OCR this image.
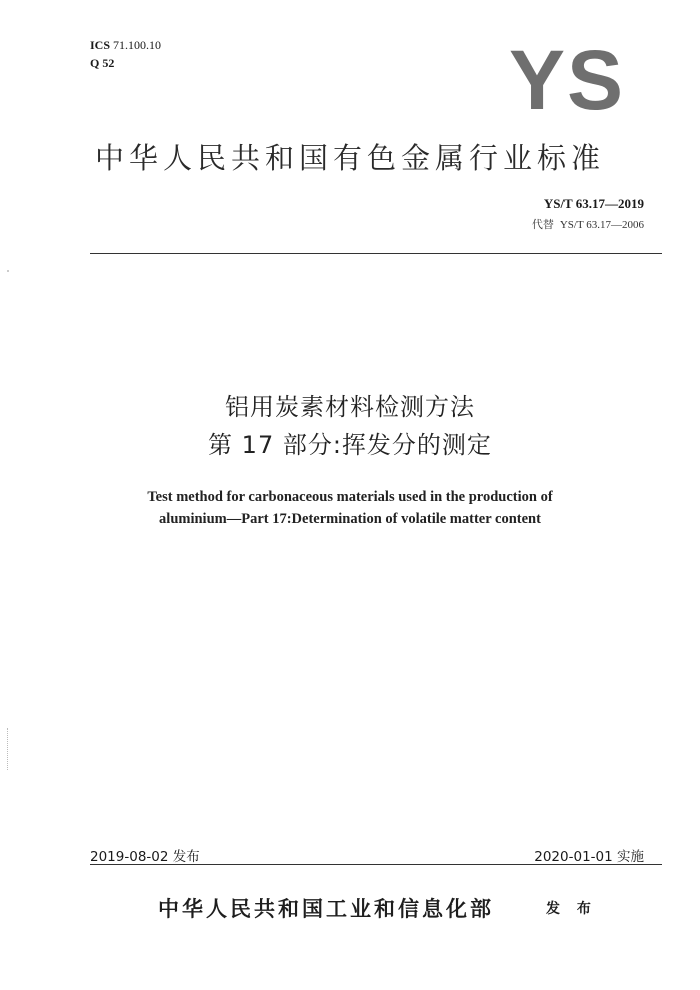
ICS 71.100.10
Q 52	YS
中华人民共和国有色金属行业标准
YS/T 63.17—2019
代替 YS/T 63.17—2006
铝用炭素材料检测方法
第 17 部分:挥发分的测定
Test method for carbonaceous materials used in the production of
aluminium—Part 17:Determination of volatile matter content
2019-08-02 发布	2020-01-01 实施
中华人民共和国工业和信息化部	发 布
